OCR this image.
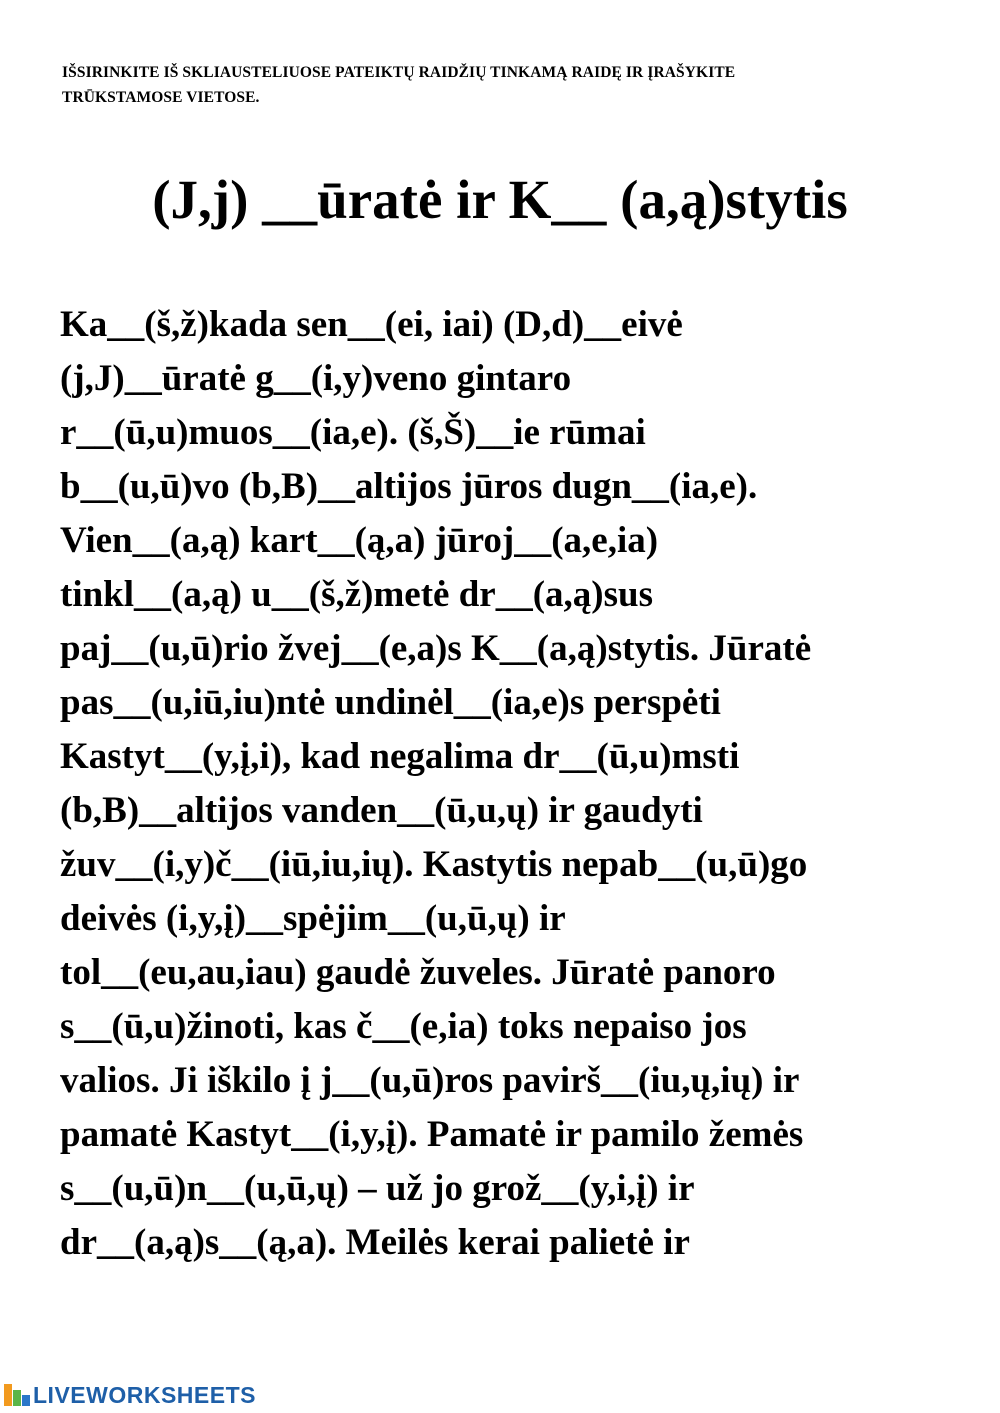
IŠSIRINKITE IŠ SKLIAUSTELIUOSE PATEIKTŲ RAIDŽIŲ TINKAMĄ RAIDĘ IR ĮRAŠYKITE
TRŪKSTAMOSE VIETOSE.
(J,j) __ūratė ir K__ (a,ą)stytis
Ka__(š,ž)kada sen__(ei, iai) (D,d)__eivė
(j,J)__ūratė g__(i,y)veno gintaro
r__(ū,u)muos__(ia,e). (š,Š)__ie rūmai
b__(u,ū)vo (b,B)__altijos jūros dugn__(ia,e).
Vien__(a,ą) kart__(ą,a) jūroj__(a,e,ia)
tinkl__(a,ą) u__(š,ž)metė dr__(a,ą)sus
paj__(u,ū)rio žvej__(e,a)s K__(a,ą)stytis. Jūratė
pas__(u,iū,iu)ntė undinėl__(ia,e)s perspėti
Kastyt__(y,į,i), kad negalima dr__(ū,u)msti
(b,B)__altijos vanden__(ū,u,ų) ir gaudyti
žuv__(i,y)č__(iū,iu,ių). Kastytis nepab__(u,ū)go
deivės (i,y,į)__spėjim__(u,ū,ų) ir
tol__(eu,au,iau) gaudė žuveles. Jūratė panoro
s__(ū,u)žinoti, kas č__(e,ia) toks nepaiso jos
valios. Ji iškilo į j__(u,ū)ros pavirš__(iu,ų,ių) ir
pamatė Kastyt__(i,y,į). Pamatė ir pamilo žemės
s__(u,ū)n__(u,ū,ų) – už jo grož__(y,i,į) ir
dr__(a,ą)s__(ą,a). Meilės kerai palietė ir
LIVEWORKSHEETS
